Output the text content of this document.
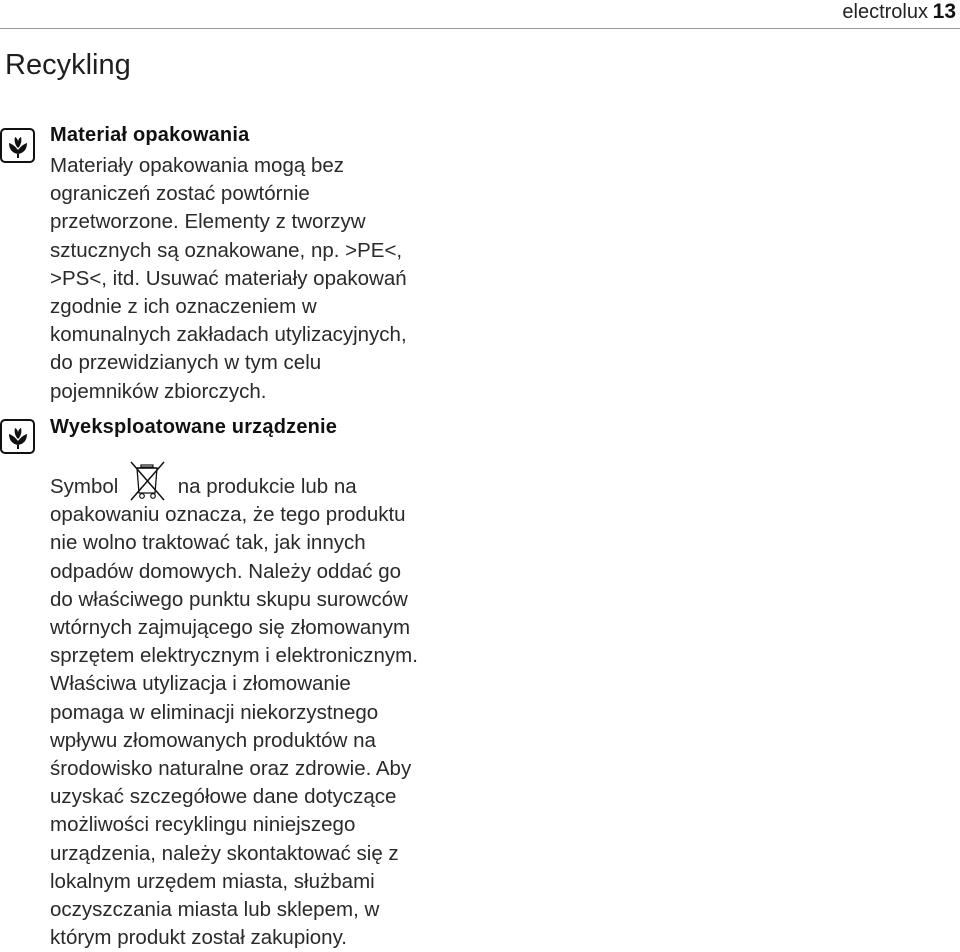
electrolux 13
Recykling
Materiał opakowania
Materiały opakowania mogą bez
ograniczeń zostać powtórnie
przetworzone. Elementy z tworzyw
sztucznych są oznakowane, np. >PE<,
>PS<, itd. Usuwać materiały opakowań
zgodnie z ich oznaczeniem w
komunalnych zakładach utylizacyjnych,
do przewidzianych w tym celu
pojemników zbiorczych.
Wyeksploatowane urządzenie
Symbol	na produkcie lub na
opakowaniu oznacza, że tego produktu
nie wolno traktować tak, jak innych
odpadów domowych. Należy oddać go
do właściwego punktu skupu surowców
wtórnych zajmującego się złomowanym
sprzętem elektrycznym i elektronicznym.
Właściwa utylizacja i złomowanie
pomaga w eliminacji niekorzystnego
wpływu złomowanych produktów na
środowisko naturalne oraz zdrowie. Aby
uzyskać szczegółowe dane dotyczące
możliwości recyklingu niniejszego
urządzenia, należy skontaktować się z
lokalnym urzędem miasta, służbami
oczyszczania miasta lub sklepem, w
którym produkt został zakupiony.
